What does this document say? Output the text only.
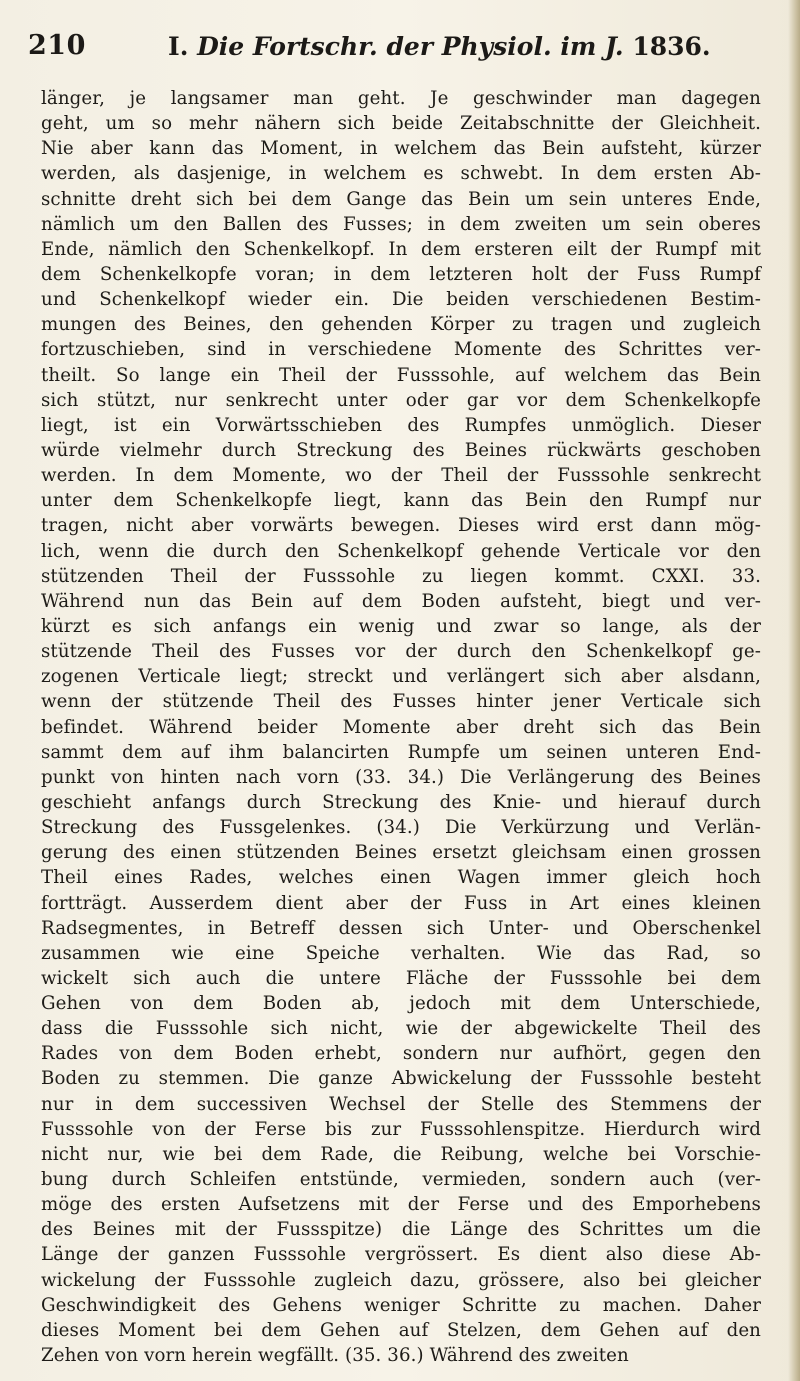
210	I. Die Fortschr. der Physiol. im J. 1836.
länger, je langsamer man geht. Je geschwinder man dagegen
geht, um so mehr nähern sich beide Zeitabschnitte der Gleichheit.
Nie aber kann das Moment, in welchem das Bein aufsteht, kürzer
werden, als dasjenige, in welchem es schwebt. In dem ersten Ab-
schnitte dreht sich bei dem Gange das Bein um sein unteres Ende,
nämlich um den Ballen des Fusses; in dem zweiten um sein oberes
Ende, nämlich den Schenkelkopf. In dem ersteren eilt der Rumpf mit
dem Schenkelkopfe voran; in dem letzteren holt der Fuss Rumpf
und Schenkelkopf wieder ein. Die beiden verschiedenen Bestim-
mungen des Beines, den gehenden Körper zu tragen und zugleich
fortzuschieben, sind in verschiedene Momente des Schrittes ver-
theilt. So lange ein Theil der Fusssohle, auf welchem das Bein
sich stützt, nur senkrecht unter oder gar vor dem Schenkelkopfe
liegt, ist ein Vorwärtsschieben des Rumpfes unmöglich. Dieser
würde vielmehr durch Streckung des Beines rückwärts geschoben
werden. In dem Momente, wo der Theil der Fusssohle senkrecht
unter dem Schenkelkopfe liegt, kann das Bein den Rumpf nur
tragen, nicht aber vorwärts bewegen. Dieses wird erst dann mög-
lich, wenn die durch den Schenkelkopf gehende Verticale vor den
stützenden Theil der Fusssohle zu liegen kommt. CXXI. 33.
Während nun das Bein auf dem Boden aufsteht, biegt und ver-
kürzt es sich anfangs ein wenig und zwar so lange, als der
stützende Theil des Fusses vor der durch den Schenkelkopf ge-
zogenen Verticale liegt; streckt und verlängert sich aber alsdann,
wenn der stützende Theil des Fusses hinter jener Verticale sich
befindet. Während beider Momente aber dreht sich das Bein
sammt dem auf ihm balancirten Rumpfe um seinen unteren End-
punkt von hinten nach vorn (33. 34.) Die Verlängerung des Beines
geschieht anfangs durch Streckung des Knie- und hierauf durch
Streckung des Fussgelenkes. (34.) Die Verkürzung und Verlän-
gerung des einen stützenden Beines ersetzt gleichsam einen grossen
Theil eines Rades, welches einen Wagen immer gleich hoch
fortträgt. Ausserdem dient aber der Fuss in Art eines kleinen
Radsegmentes, in Betreff dessen sich Unter- und Oberschenkel
zusammen wie eine Speiche verhalten. Wie das Rad, so
wickelt sich auch die untere Fläche der Fusssohle bei dem
Gehen von dem Boden ab, jedoch mit dem Unterschiede,
dass die Fusssohle sich nicht, wie der abgewickelte Theil des
Rades von dem Boden erhebt, sondern nur aufhört, gegen den
Boden zu stemmen. Die ganze Abwickelung der Fusssohle besteht
nur in dem successiven Wechsel der Stelle des Stemmens der
Fusssohle von der Ferse bis zur Fusssohlenspitze. Hierdurch wird
nicht nur, wie bei dem Rade, die Reibung, welche bei Vorschie-
bung durch Schleifen entstünde, vermieden, sondern auch (ver-
möge des ersten Aufsetzens mit der Ferse und des Emporhebens
des Beines mit der Fussspitze) die Länge des Schrittes um die
Länge der ganzen Fusssohle vergrössert. Es dient also diese Ab-
wickelung der Fusssohle zugleich dazu, grössere, also bei gleicher
Geschwindigkeit des Gehens weniger Schritte zu machen. Daher
dieses Moment bei dem Gehen auf Stelzen, dem Gehen auf den
Zehen von vorn herein wegfällt. (35. 36.) Während des zweiten
